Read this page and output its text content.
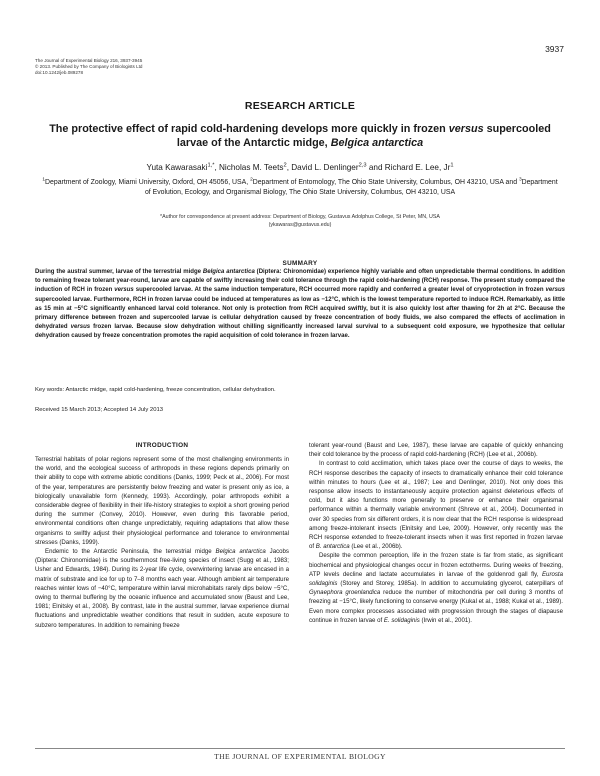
3937
The Journal of Experimental Biology 216, 3937-3945
© 2013. Published by The Company of Biologists Ltd
doi:10.1242/jeb.089278
RESEARCH ARTICLE
The protective effect of rapid cold-hardening develops more quickly in frozen versus supercooled larvae of the Antarctic midge, Belgica antarctica
Yuta Kawarasaki$^{1,*}$, Nicholas M. Teets$^2$, David L. Denlinger$^{2,3}$ and Richard E. Lee, Jr$^1$
$^1$Department of Zoology, Miami University, Oxford, OH 45056, USA, $^2$Department of Entomology, The Ohio State University, Columbus, OH 43210, USA and $^3$Department of Evolution, Ecology, and Organismal Biology, The Ohio State University, Columbus, OH 43210, USA
*Author for correspondence at present address: Department of Biology, Gustavus Adolphus College, St Peter, MN, USA
(ykawaras@gustavus.edu)
SUMMARY
During the austral summer, larvae of the terrestrial midge Belgica antarctica (Diptera: Chironomidae) experience highly variable and often unpredictable thermal conditions. In addition to remaining freeze tolerant year-round, larvae are capable of swiftly increasing their cold tolerance through the rapid cold-hardening (RCH) response. The present study compared the induction of RCH in frozen versus supercooled larvae. At the same induction temperature, RCH occurred more rapidly and conferred a greater level of cryoprotection in frozen versus supercooled larvae. Furthermore, RCH in frozen larvae could be induced at temperatures as low as −12°C, which is the lowest temperature reported to induce RCH. Remarkably, as little as 15 min at −5°C significantly enhanced larval cold tolerance. Not only is protection from RCH acquired swiftly, but it is also quickly lost after thawing for 2h at 2°C. Because the primary difference between frozen and supercooled larvae is cellular dehydration caused by freeze concentration of body fluids, we also compared the effects of acclimation in dehydrated versus frozen larvae. Because slow dehydration without chilling significantly increased larval survival to a subsequent cold exposure, we hypothesize that cellular dehydration caused by freeze concentration promotes the rapid acquisition of cold tolerance in frozen larvae.
Key words: Antarctic midge, rapid cold-hardening, freeze concentration, cellular dehydration.
Received 15 March 2013; Accepted 14 July 2013
INTRODUCTION

Terrestrial habitats of polar regions represent some of the most challenging environments in the world, and the ecological success of arthropods in these regions depends primarily on their ability to cope with extreme abiotic conditions (Danks, 1999; Peck et al., 2006). For most of the year, temperatures are persistently below freezing and water is present only as ice, a biologically unavailable form (Kennedy, 1993). Accordingly, polar arthropods exhibit a considerable degree of flexibility in their life-history strategies to exploit a short growing period during the summer (Convey, 2010). However, even during this favorable period, environmental conditions often change unpredictably, requiring adaptations that allow these organisms to swiftly adjust their physiological performance and tolerance to environmental stresses (Danks, 1999).

Endemic to the Antarctic Peninsula, the terrestrial midge Belgica antarctica Jacobs (Diptera: Chironomidae) is the southernmost free-living species of insect (Sugg et al., 1983; Usher and Edwards, 1984). During its 2-year life cycle, overwintering larvae are encased in a matrix of substrate and ice for up to 7–8 months each year. Although ambient air temperature reaches winter lows of −40°C, temperature within larval microhabitats rarely dips below −5°C, owing to thermal buffering by the oceanic influence and accumulated snow (Baust and Lee, 1981; Elnitsky et al., 2008). By contrast, late in the austral summer, larvae experience diurnal fluctuations and unpredictable weather conditions that result in sudden, acute exposure to subzero temperatures. In addition to remaining freeze

tolerant year-round (Baust and Lee, 1987), these larvae are capable of quickly enhancing their cold tolerance by the process of rapid cold-hardening (RCH) (Lee et al., 2006b).

In contrast to cold acclimation, which takes place over the course of days to weeks, the RCH response describes the capacity of insects to dramatically enhance their cold tolerance within minutes to hours (Lee et al., 1987; Lee and Denlinger, 2010). Not only does this response allow insects to instantaneously acquire protection against deleterious effects of cold, but it also functions more generally to preserve or enhance their organismal performance within a thermally variable environment (Shreve et al., 2004). Documented in over 30 species from six different orders, it is now clear that the RCH response is widespread among freeze-intolerant insects (Elnitsky and Lee, 2009). However, only recently was the RCH response extended to freeze-tolerant insects when it was first reported in frozen larvae of B. antarctica (Lee et al., 2006b).

Despite the common perception, life in the frozen state is far from static, as significant biochemical and physiological changes occur in frozen ectotherms. During weeks of freezing, ATP levels decline and lactate accumulates in larvae of the goldenrod gall fly, Eurosta solidaginis (Storey and Storey, 1985a). In addition to accumulating glycerol, caterpillars of Gynaephora groenlandica reduce the number of mitochondria per cell during 3 months of freezing at −15°C, likely functioning to conserve energy (Kukal et al., 1988; Kukal et al., 1989). Even more complex processes associated with progression through the stages of diapause continue in frozen larvae of E. solidaginis (Irwin et al., 2001).

THE JOURNAL OF EXPERIMENTAL BIOLOGY
